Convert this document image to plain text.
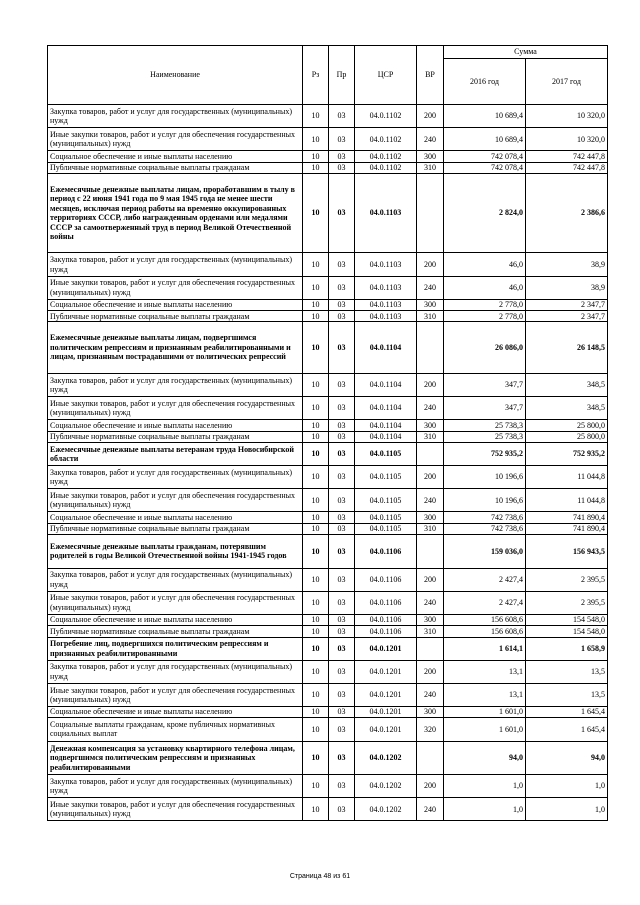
Наименование	Рз	Пр	ЦСР	ВР	Сумма	
					2016 год	2017 год
Закупка товаров, работ и услуг для государственных (муниципальных) нужд	10	03	04.0.1102	200	10 689,4	10 320,0
Иные закупки товаров, работ и услуг для обеспечения государственных (муниципальных) нужд	10	03	04.0.1102	240	10 689,4	10 320,0
Социальное обеспечение и иные выплаты населению	10	03	04.0.1102	300	742 078,4	742 447,8
Публичные нормативные социальные выплаты гражданам	10	03	04.0.1102	310	742 078,4	742 447,8
Ежемесячные денежные выплаты лицам, проработавшим в тылу в период с 22 июня 1941 года по 9 мая 1945 года не менее шести месяцев, исключая период работы на временно оккупированных территориях СССР, либо награжденным орденами или медалями СССР за самоотверженный труд в период Великой Отечественной войны	10	03	04.0.1103		2 824,0	2 386,6
Закупка товаров, работ и услуг для государственных (муниципальных) нужд	10	03	04.0.1103	200	46,0	38,9
Иные закупки товаров, работ и услуг для обеспечения государственных (муниципальных) нужд	10	03	04.0.1103	240	46,0	38,9
Социальное обеспечение и иные выплаты населению	10	03	04.0.1103	300	2 778,0	2 347,7
Публичные нормативные социальные выплаты гражданам	10	03	04.0.1103	310	2 778,0	2 347,7
Ежемесячные денежные выплаты лицам, подвергшимся политическим репрессиям и признанным реабилитированными и лицам, признанным пострадавшими от политических репрессий	10	03	04.0.1104		26 086,0	26 148,5
Закупка товаров, работ и услуг для государственных (муниципальных) нужд	10	03	04.0.1104	200	347,7	348,5
Иные закупки товаров, работ и услуг для обеспечения государственных (муниципальных) нужд	10	03	04.0.1104	240	347,7	348,5
Социальное обеспечение и иные выплаты населению	10	03	04.0.1104	300	25 738,3	25 800,0
Публичные нормативные социальные выплаты гражданам	10	03	04.0.1104	310	25 738,3	25 800,0
Ежемесячные денежные выплаты ветеранам труда Новосибирской области	10	03	04.0.1105		752 935,2	752 935,2
Закупка товаров, работ и услуг для государственных (муниципальных) нужд	10	03	04.0.1105	200	10 196,6	11 044,8
Иные закупки товаров, работ и услуг для обеспечения государственных (муниципальных) нужд	10	03	04.0.1105	240	10 196,6	11 044,8
Социальное обеспечение и иные выплаты населению	10	03	04.0.1105	300	742 738,6	741 890,4
Публичные нормативные социальные выплаты гражданам	10	03	04.0.1105	310	742 738,6	741 890,4
Ежемесячные денежные выплаты гражданам, потерявшим родителей в годы Великой Отечественной войны 1941-1945 годов	10	03	04.0.1106		159 036,0	156 943,5
Закупка товаров, работ и услуг для государственных (муниципальных) нужд	10	03	04.0.1106	200	2 427,4	2 395,5
Иные закупки товаров, работ и услуг для обеспечения государственных (муниципальных) нужд	10	03	04.0.1106	240	2 427,4	2 395,5
Социальное обеспечение и иные выплаты населению	10	03	04.0.1106	300	156 608,6	154 548,0
Публичные нормативные социальные выплаты гражданам	10	03	04.0.1106	310	156 608,6	154 548,0
Погребение лиц, подвергшихся политическим репрессиям и признанных реабилитированными	10	03	04.0.1201		1 614,1	1 658,9
Закупка товаров, работ и услуг для государственных (муниципальных) нужд	10	03	04.0.1201	200	13,1	13,5
Иные закупки товаров, работ и услуг для обеспечения государственных (муниципальных) нужд	10	03	04.0.1201	240	13,1	13,5
Социальное обеспечение и иные выплаты населению	10	03	04.0.1201	300	1 601,0	1 645,4
Социальные выплаты гражданам, кроме публичных нормативных социальных выплат	10	03	04.0.1201	320	1 601,0	1 645,4
Денежная компенсация за установку квартирного телефона лицам, подвергшимся политическим репрессиям и признанных реабилитированными	10	03	04.0.1202		94,0	94,0
Закупка товаров, работ и услуг для государственных (муниципальных) нужд	10	03	04.0.1202	200	1,0	1,0
Иные закупки товаров, работ и услуг для обеспечения государственных (муниципальных) нужд	10	03	04.0.1202	240	1,0	1,0
Страница 48 из 61
